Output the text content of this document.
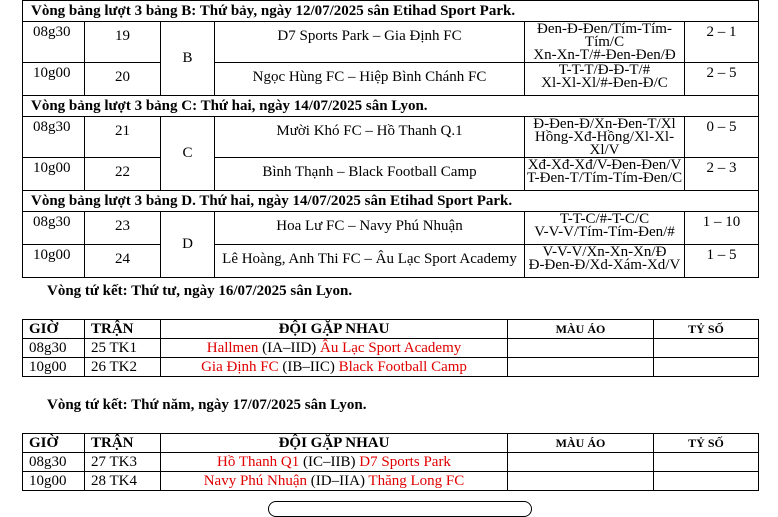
Vòng bảng lượt 3 bảng B: Thứ bảy, ngày 12/07/2025 sân Etihad Sport Park.					
08g30	19	B	D7 Sports Park – Gia Định FC	Đen-Đ-Đen/Tím-Tím-Tím/C
Xn-Xn-T/#-Đen-Đen/Đ	2 – 1
10g00	20		Ngọc Hùng FC – Hiệp Bình Chánh FC	T-T-T/Đ-Đ-T/#
Xl-Xl-Xl/#-Đen-Đ/C	2 – 5
Vòng bảng lượt 3 bảng C: Thứ hai, ngày 14/07/2025 sân Lyon.					
08g30	21	C	Mười Khó FC – Hồ Thanh Q.1	Đ-Đen-Đ/Xn-Đen-T/Xl
Hồng-Xđ-Hồng/Xl-Xl-Xl/V	0 – 5
10g00	22		Bình Thạnh – Black Football Camp	Xđ-Xđ-Xđ/V-Đen-Đen/V
T-Đen-T/Tím-Tím-Đen/C	2 – 3
Vòng bảng lượt 3 bảng D. Thứ hai, ngày 14/07/2025 sân Etihad Sport Park.					
08g30	23	D	Hoa Lư FC – Navy Phú Nhuận	T-T-C/#-T-C/C
V-V-V/Tím-Tím-Đen/#	1 – 10
10g00	24		Lê Hoàng, Anh Thi FC – Âu Lạc Sport Academy	V-V-V/Xn-Xn-Xn/Đ
Đ-Đen-Đ/Xd-Xám-Xd/V	1 – 5

Vòng tứ kết: Thứ tư, ngày 16/07/2025 sân Lyon.

GIỜ	TRẬN	ĐỘI GẶP NHAU	MÀU ÁO	TỶ SỐ
08g30	25 TK1	Hallmen (IA–IID) Âu Lạc Sport Academy		
10g00	26 TK2	Gia Định FC (IB–IIC) Black Football Camp		

Vòng tứ kết: Thứ năm, ngày 17/07/2025 sân Lyon.

GIỜ	TRẬN	ĐỘI GẶP NHAU	MÀU ÁO	TỶ SỐ
08g30	27 TK3	Hồ Thanh Q1 (IC–IIB) D7 Sports Park		
10g00	28 TK4	Navy Phú Nhuận (ID–IIA) Thăng Long FC		
